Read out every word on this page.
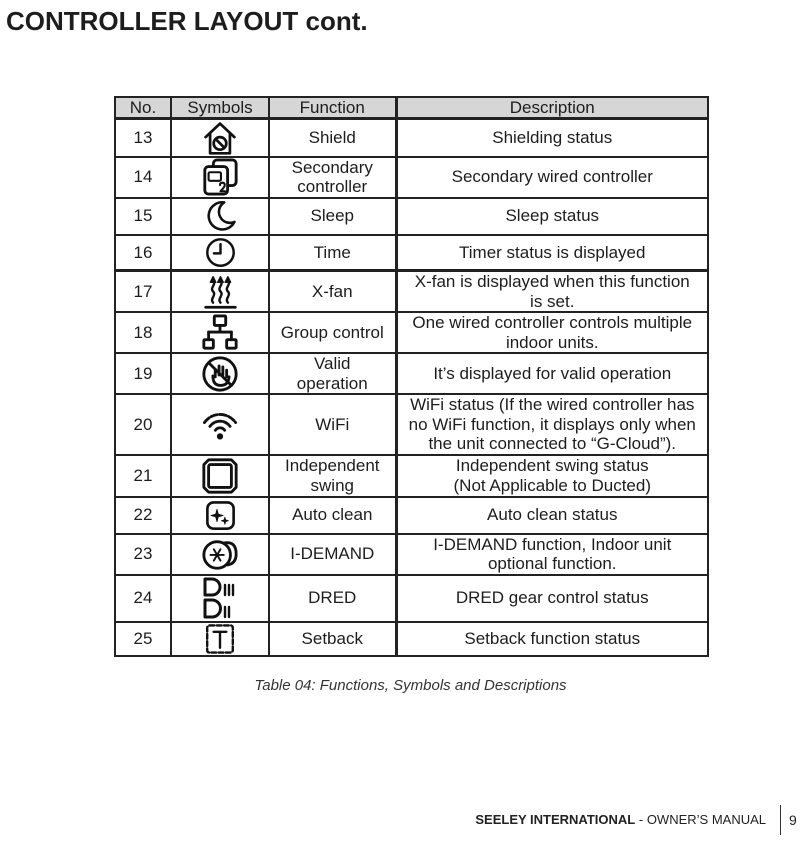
CONTROLLER LAYOUT cont.
No.	Symbols	Function	Description
13		Shield	Shielding status

14		Secondary
controller	Secondary wired controller

15		Sleep	Sleep status

16		Time	Timer status is displayed

17		X-fan	X-fan is displayed when this function
is set.

18		Group control	One wired controller controls multiple
indoor units.

19		Valid
operation	It’s displayed for valid operation

20		WiFi	WiFi status (If the wired controller has
no WiFi function, it displays only when
the unit connected to “G-Cloud”).

21		Independent
swing	Independent swing status
(Not Applicable to Ducted)

22		Auto clean	Auto clean status

23		I-DEMAND	I-DEMAND function, Indoor unit
optional function.

24		DRED	DRED gear control status

25		Setback	Setback function status
Table 04: Functions, Symbols and Descriptions
SEELEY INTERNATIONAL - OWNER’S MANUAL 9
